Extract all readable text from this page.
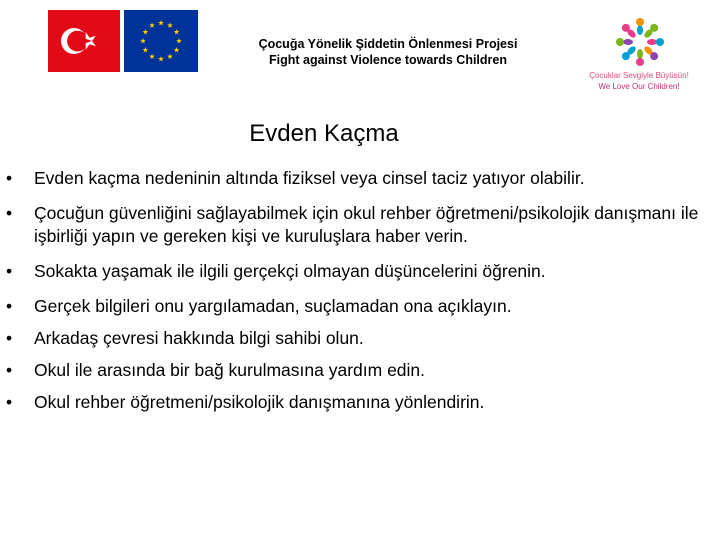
Çocuğa Yönelik Şiddetin Önlenmesi Projesi
Fight against Violence towards Children
Çocuklar Sevgiyle Büyüsün!
We Love Our Children!
Evden Kaçma
• Evden kaçma nedeninin altında fiziksel veya cinsel taciz yatıyor olabilir.
• Çocuğun güvenliğini sağlayabilmek için okul rehber öğretmeni/psikolojik danışmanı ile işbirliği yapın ve gereken kişi ve kuruluşlara haber verin.
• Sokakta yaşamak ile ilgili gerçekçi olmayan düşüncelerini öğrenin.
• Gerçek bilgileri onu yargılamadan, suçlamadan ona açıklayın.
• Arkadaş çevresi hakkında bilgi sahibi olun.
• Okul ile arasında bir bağ kurulmasına yardım edin.
• Okul rehber öğretmeni/psikolojik danışmanına yönlendirin.
